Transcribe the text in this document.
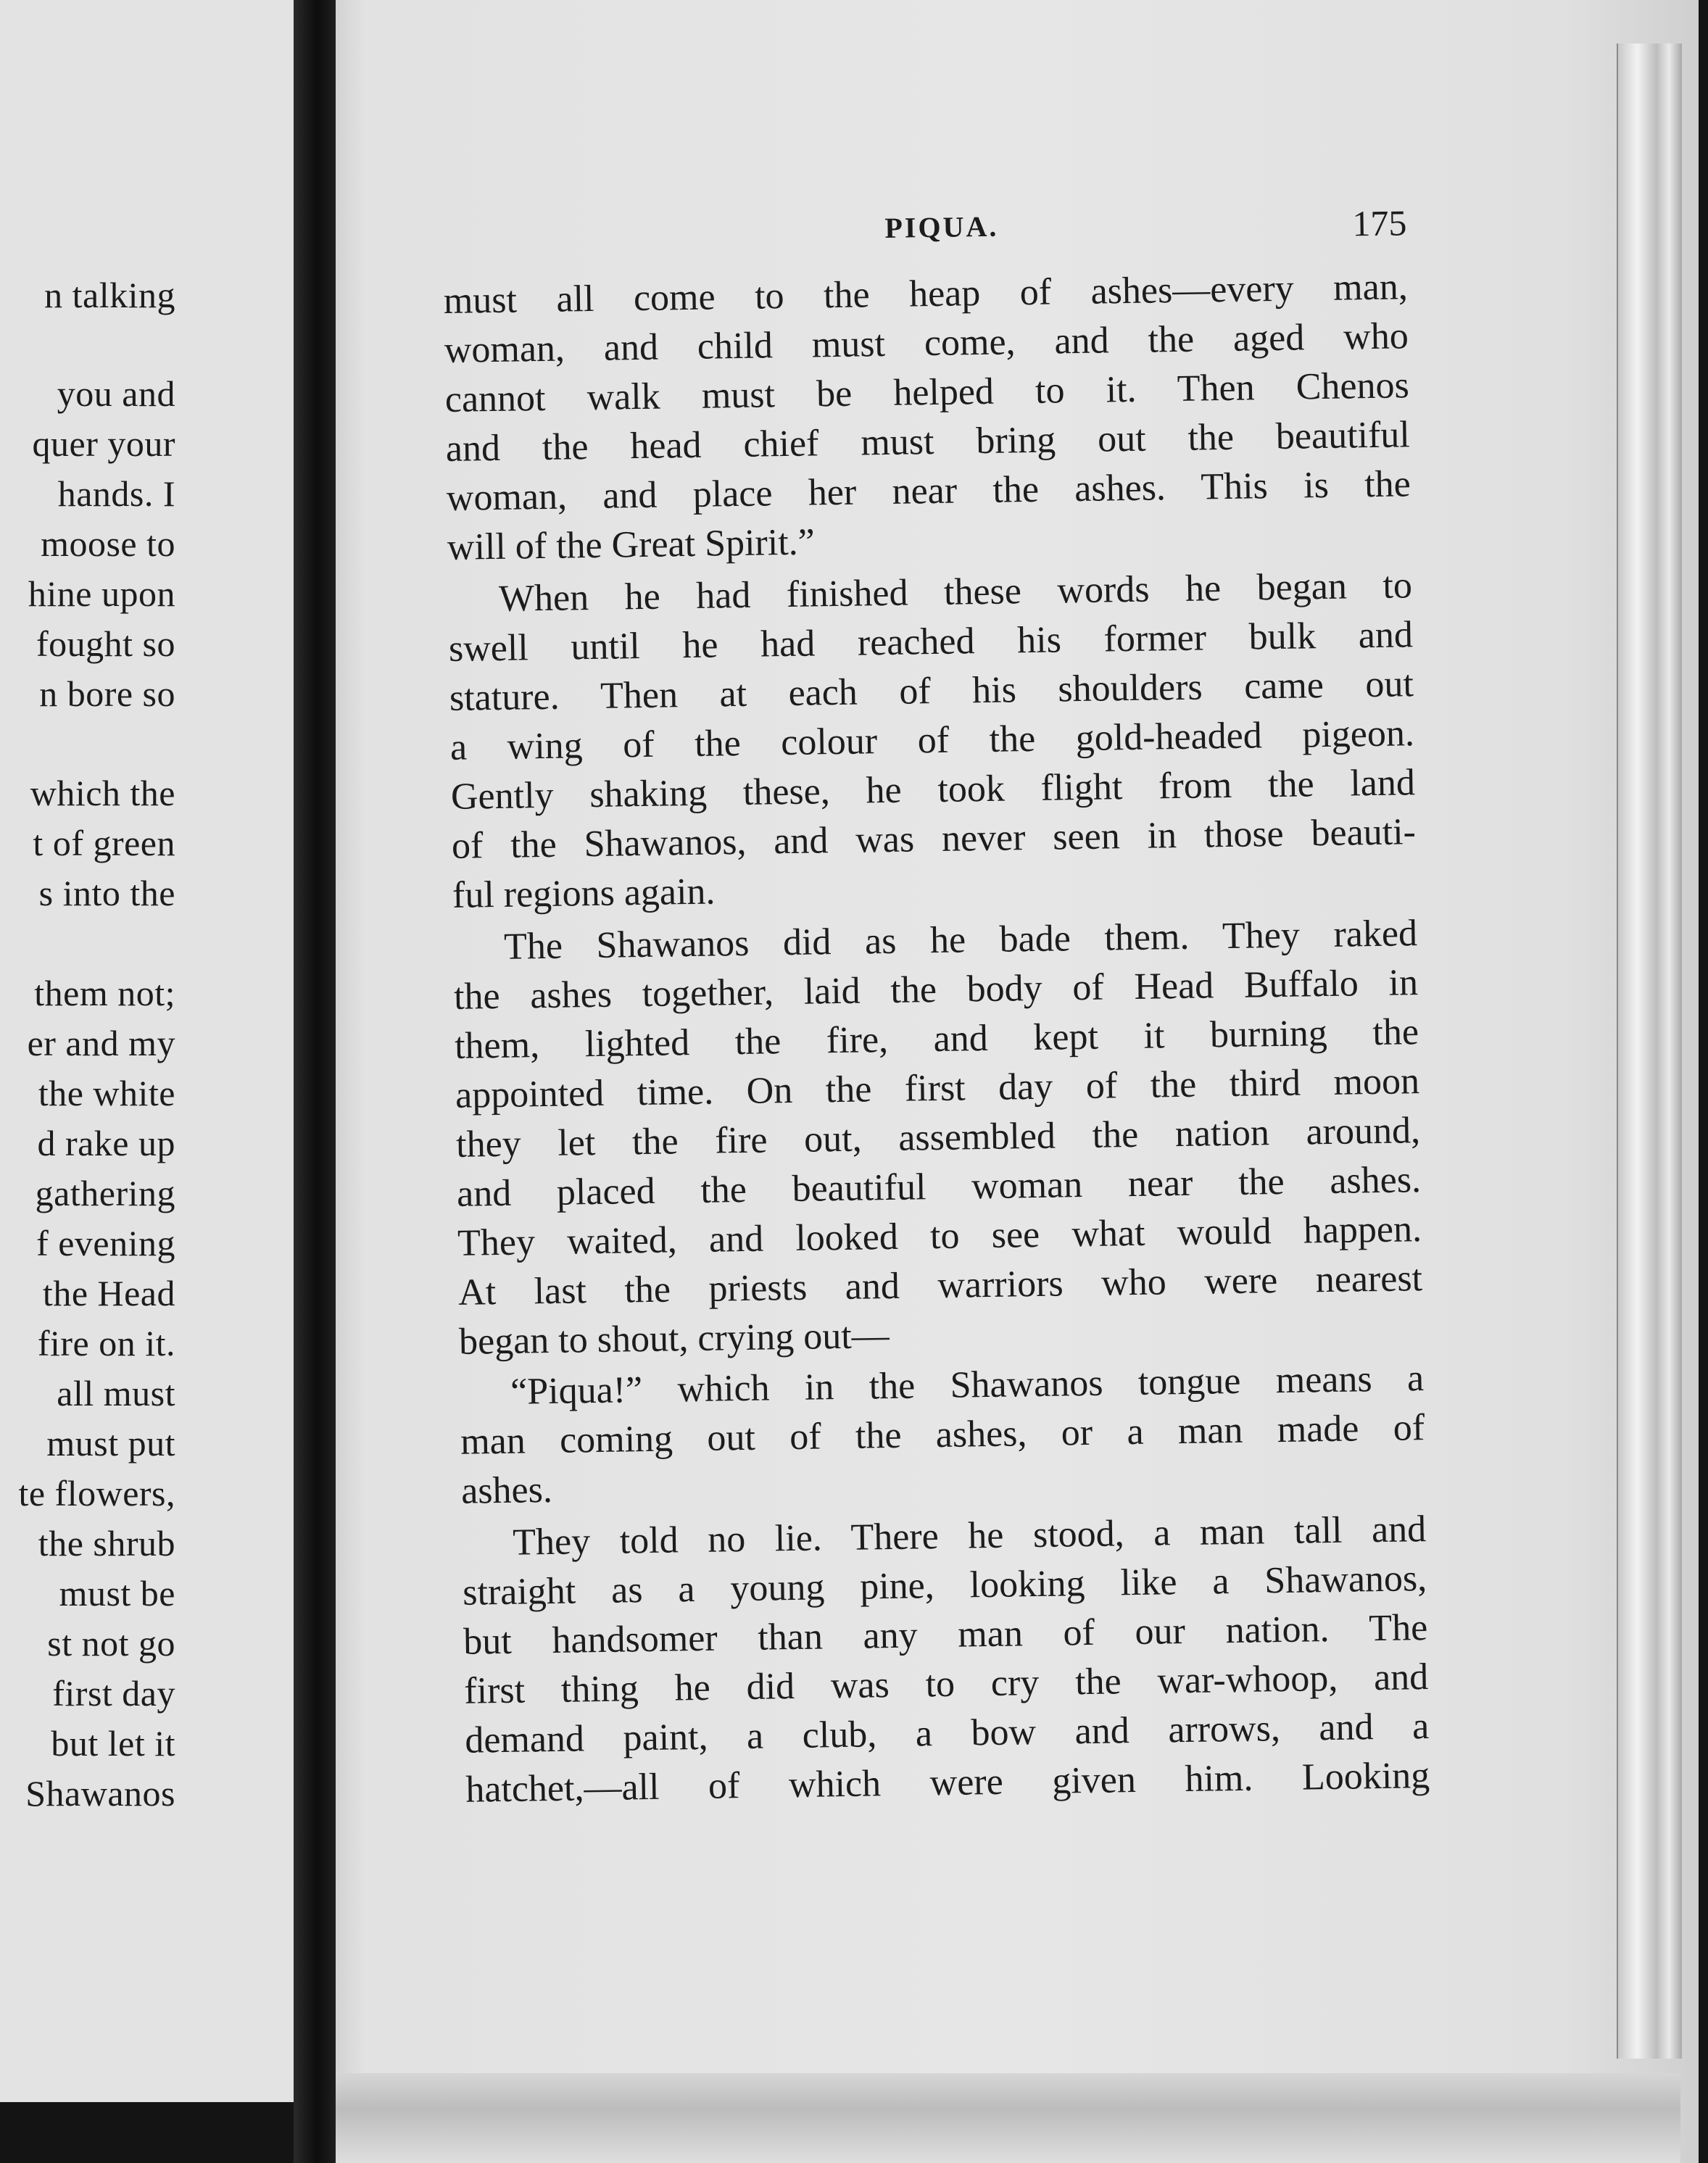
n talking
you and
quer your
hands. I
moose to
hine upon
fought so
n bore so
which the
t of green
s into the
them not;
er and my
the white
d rake up
gathering
f evening
the Head
fire on it.
all must
must put
te flowers,
the shrub
must be
st not go
first day
but let it
Shawanos
PIQUA.	175
must all come to the heap of ashes—every man,
woman, and child must come, and the aged who
cannot walk must be helped to it. Then Chenos
and the head chief must bring out the beautiful
woman, and place her near the ashes. This is the
will of the Great Spirit.”
When he had finished these words he began to
swell until he had reached his former bulk and
stature. Then at each of his shoulders came out
a wing of the colour of the gold-headed pigeon.
Gently shaking these, he took flight from the land
of the Shawanos, and was never seen in those beauti-
ful regions again.
The Shawanos did as he bade them. They raked
the ashes together, laid the body of Head Buffalo in
them, lighted the fire, and kept it burning the
appointed time. On the first day of the third moon
they let the fire out, assembled the nation around,
and placed the beautiful woman near the ashes.
They waited, and looked to see what would happen.
At last the priests and warriors who were nearest
began to shout, crying out—
“Piqua!” which in the Shawanos tongue means a
man coming out of the ashes, or a man made of
ashes.
They told no lie. There he stood, a man tall and
straight as a young pine, looking like a Shawanos,
but handsomer than any man of our nation. The
first thing he did was to cry the war-whoop, and
demand paint, a club, a bow and arrows, and a
hatchet,—all of which were given him. Looking
